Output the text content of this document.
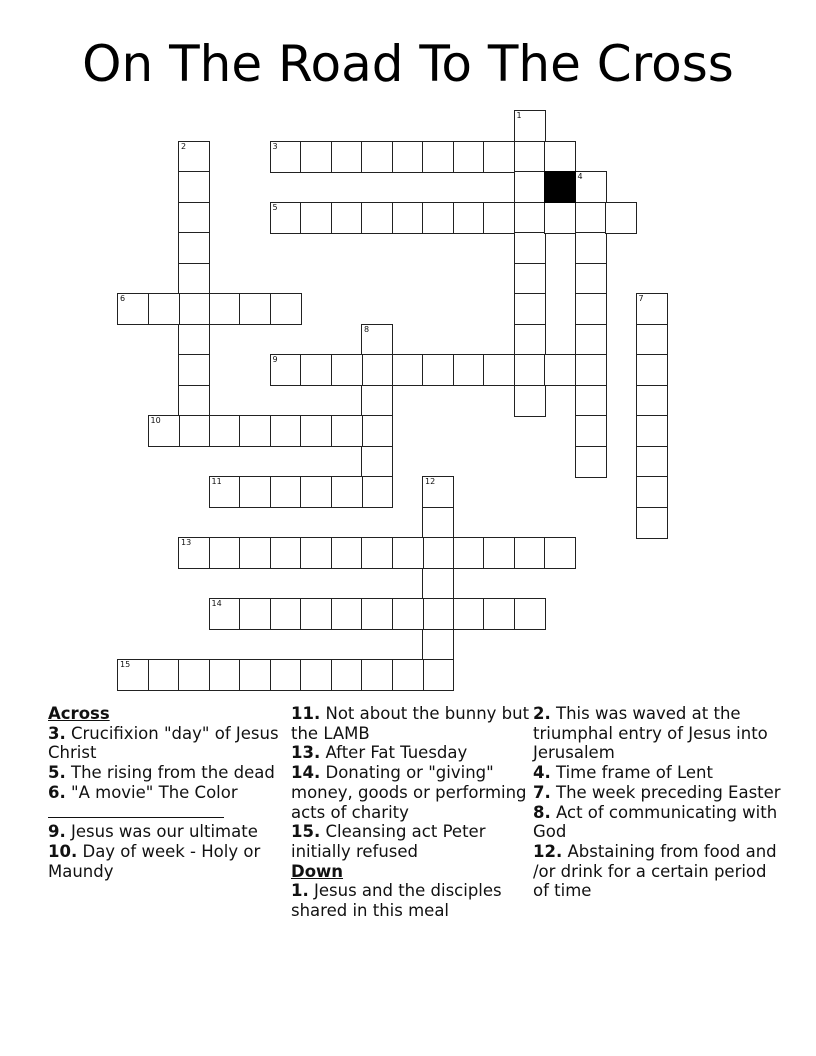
On The Road To The Cross
1
2	3
4
5
6	7
8
9
10
11	12
13
14
15
Across
3. Crucifixion "day" of Jesus Christ
5. The rising from the dead
6. "A movie" The Color

9. Jesus was our ultimate
10. Day of week - Holy or Maundy
11. Not about the bunny but the LAMB
13. After Fat Tuesday
14. Donating or "giving" money, goods or performing acts of charity
15. Cleansing act Peter initially refused
Down
1. Jesus and the disciples shared in this meal
2. This was waved at the triumphal entry of Jesus into Jerusalem
4. Time frame of Lent
7. The week preceding Easter
8. Act of communicating with God
12. Abstaining from food and /or drink for a certain period of time
